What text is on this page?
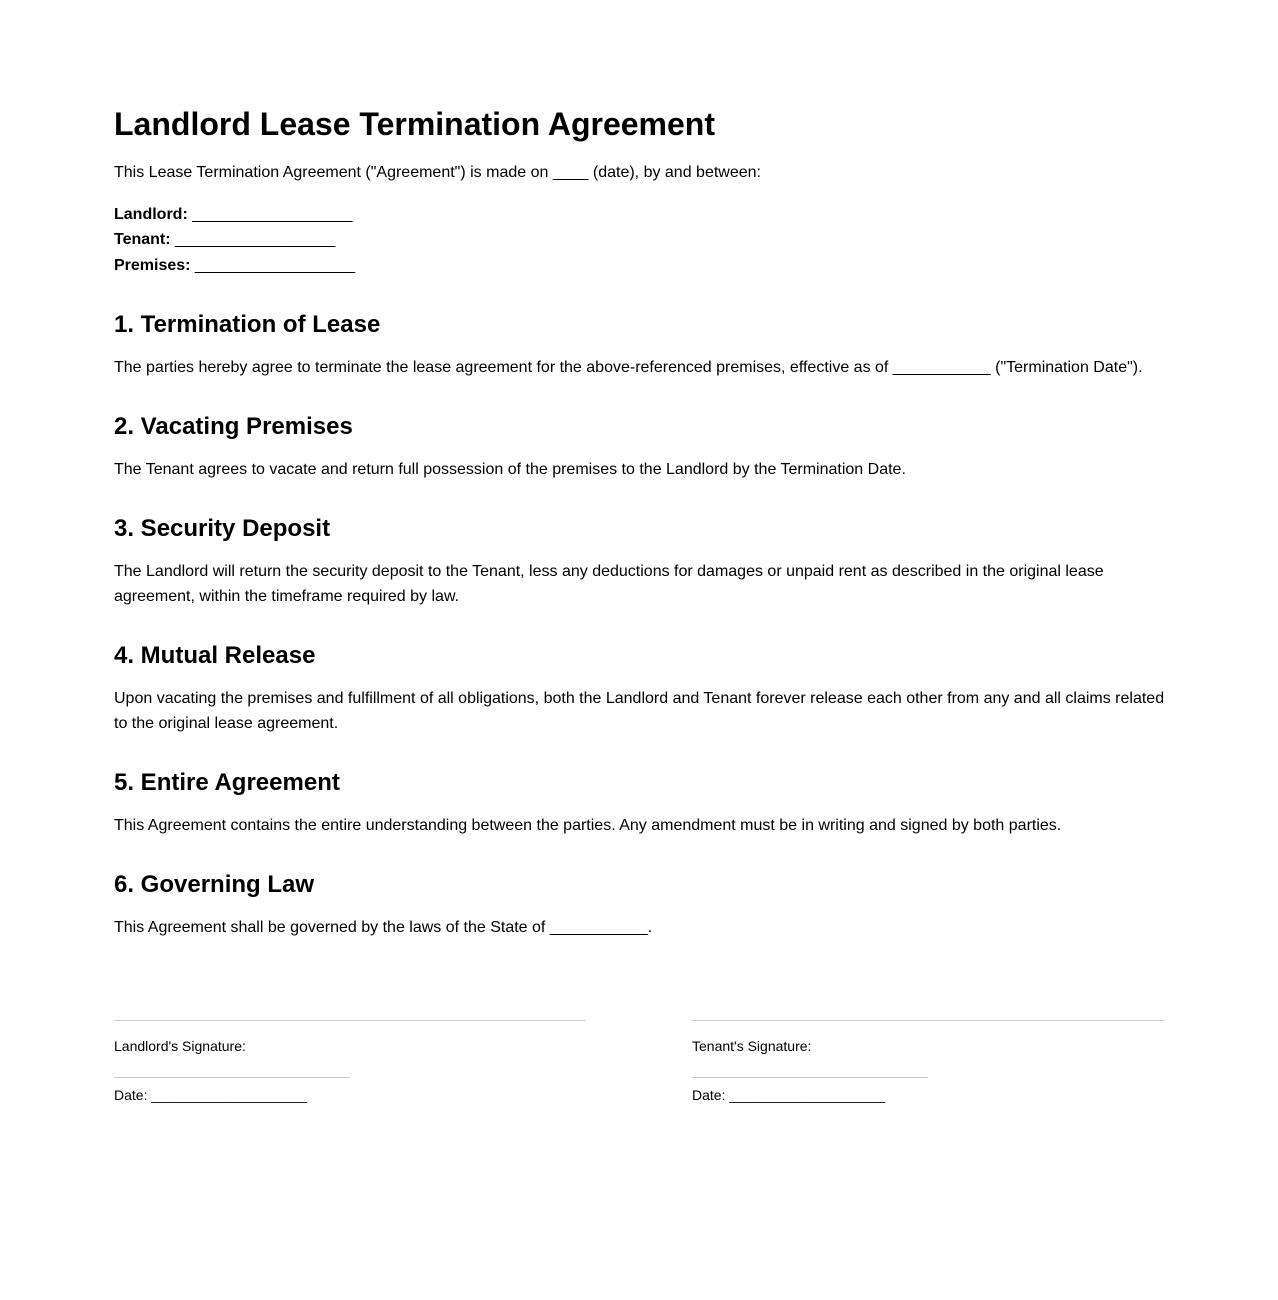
Landlord Lease Termination Agreement

This Lease Termination Agreement ("Agreement") is made on ____ (date), by and between:

Landlord: __________________

Tenant: __________________

Premises: __________________

1. Termination of Lease

The parties hereby agree to terminate the lease agreement for the above-referenced premises, effective as of ___________ ("Termination Date").

2. Vacating Premises

The Tenant agrees to vacate and return full possession of the premises to the Landlord by the Termination Date.

3. Security Deposit

The Landlord will return the security deposit to the Tenant, less any deductions for damages or unpaid rent as described in the original lease agreement, within the timeframe required by law.

4. Mutual Release

Upon vacating the premises and fulfillment of all obligations, both the Landlord and Tenant forever release each other from any and all claims related to the original lease agreement.

5. Entire Agreement

This Agreement contains the entire understanding between the parties. Any amendment must be in writing and signed by both parties.

6. Governing Law

This Agreement shall be governed by the laws of the State of ___________.

Landlord's Signature:
Date: ____________________
Tenant's Signature:
Date: ____________________
